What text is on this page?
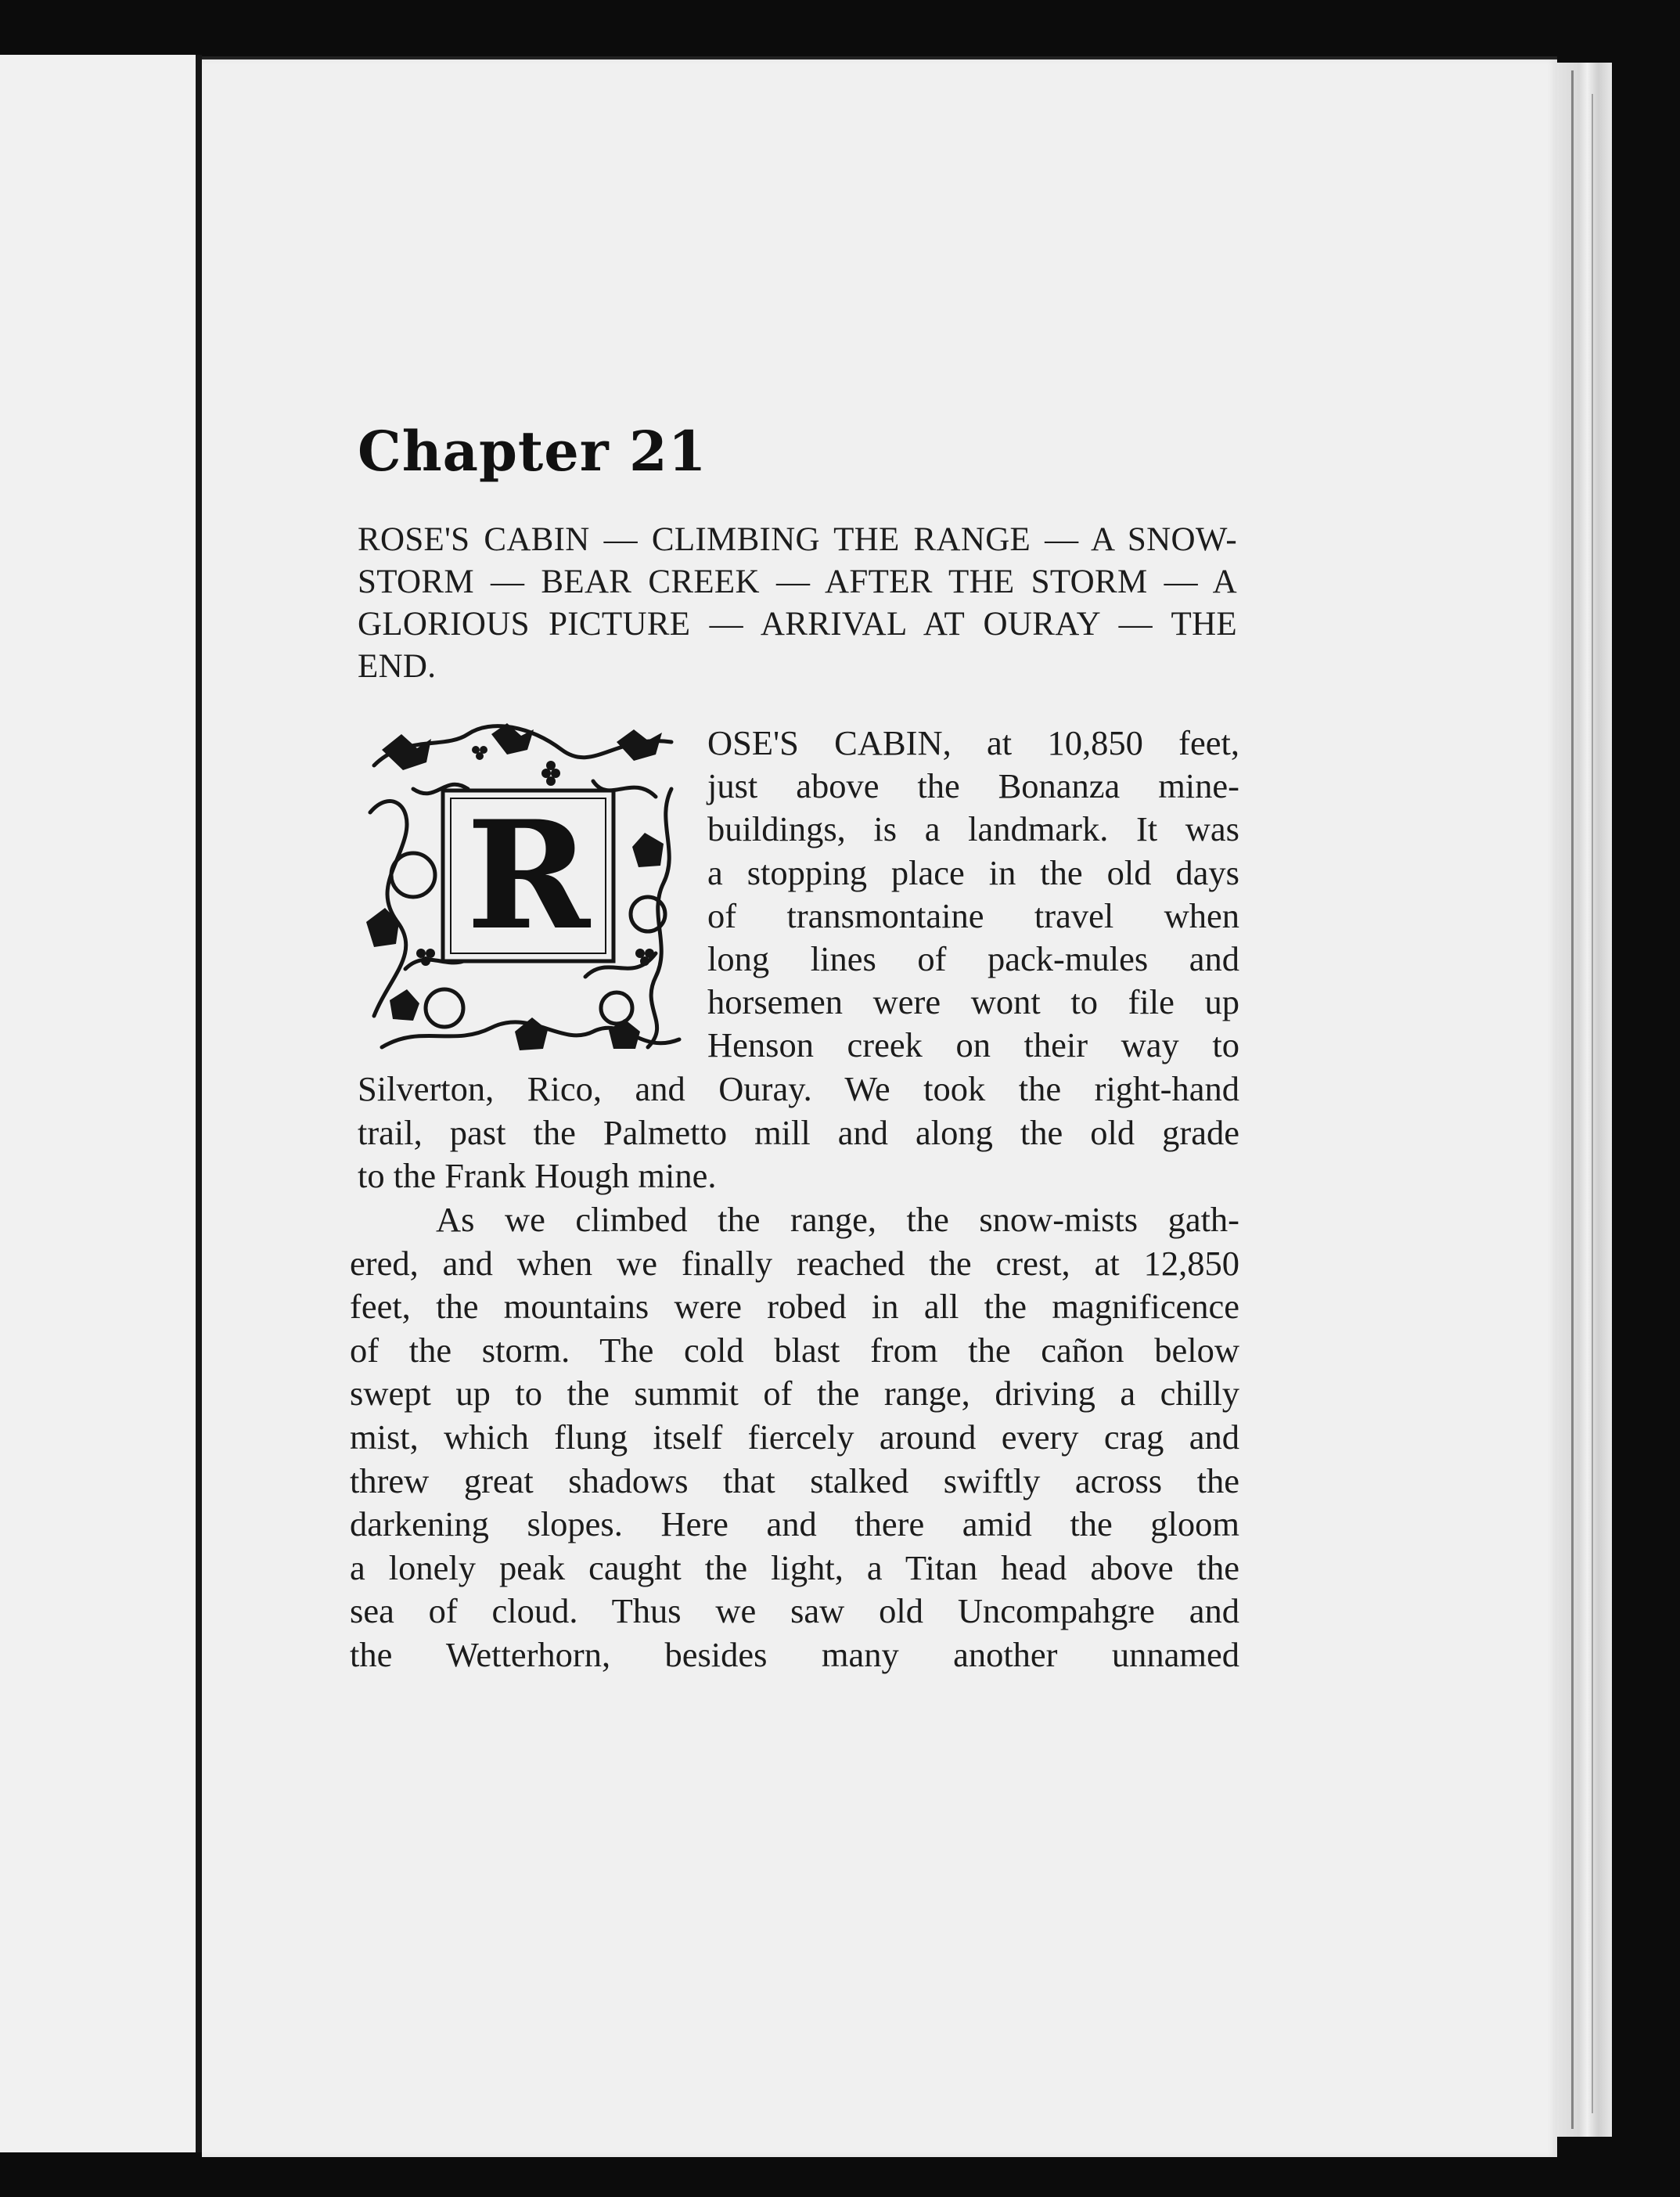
Chapter 21
ROSE'S CABIN — CLIMBING THE RANGE — A SNOW-STORM — BEAR CREEK — AFTER THE STORM — A GLORIOUS PICTURE — ARRIVAL AT OURAY — THE END.
R
OSE'S CABIN, at 10,850 feet,
just above the Bonanza mine-
buildings, is a landmark. It was
a stopping place in the old days
of transmontaine travel when
long lines of pack-mules and
horsemen were wont to file up
Henson creek on their way to
Silverton, Rico, and Ouray. We took the right-hand
trail, past the Palmetto mill and along the old grade
to the Frank Hough mine.
As we climbed the range, the snow-mists gath-
ered, and when we finally reached the crest, at 12,850
feet, the mountains were robed in all the magnificence
of the storm. The cold blast from the cañon below
swept up to the summit of the range, driving a chilly
mist, which flung itself fiercely around every crag and
threw great shadows that stalked swiftly across the
darkening slopes. Here and there amid the gloom
a lonely peak caught the light, a Titan head above the
sea of cloud. Thus we saw old Uncompahgre and
the Wetterhorn, besides many another unnamed
